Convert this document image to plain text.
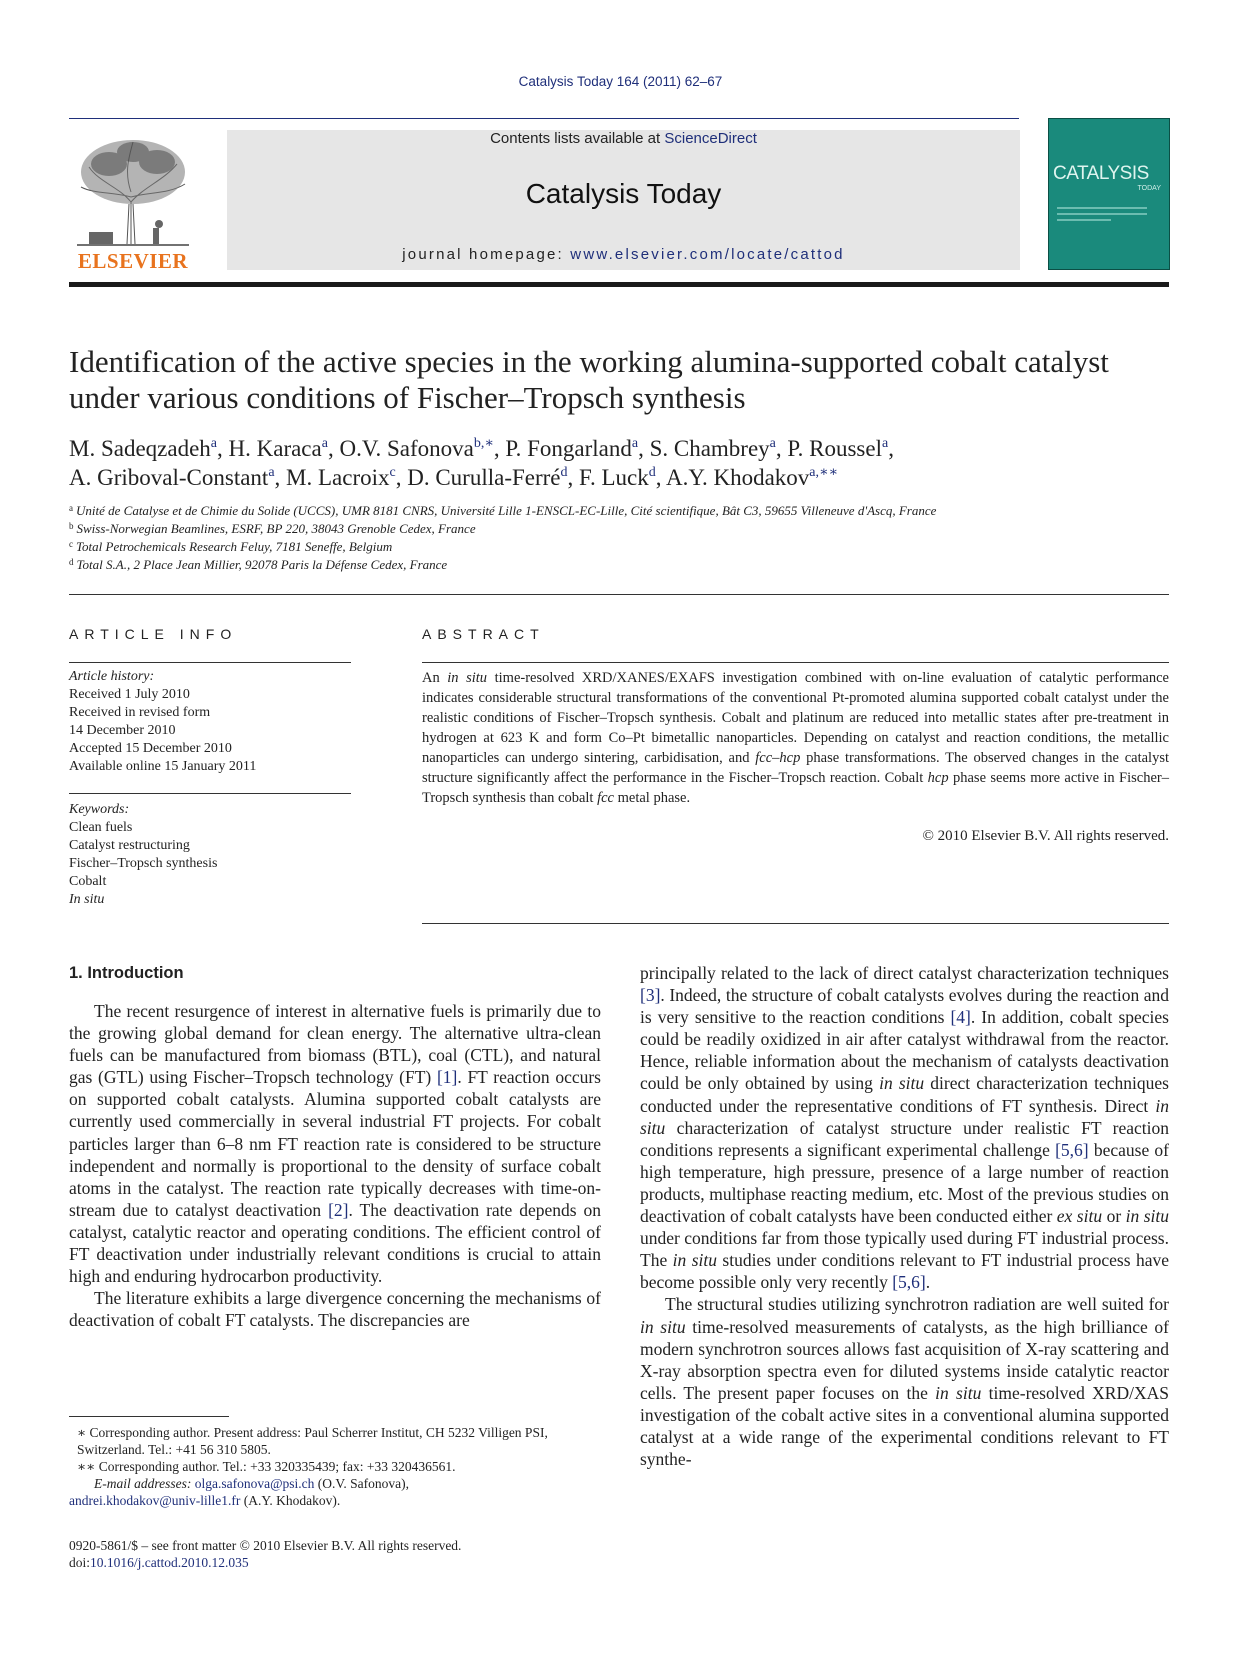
Catalysis Today 164 (2011) 62–67
ELSEVIER
Contents lists available at ScienceDirect
Catalysis Today
journal homepage: www.elsevier.com/locate/cattod
CATALYSIS
TODAY
Identification of the active species in the working alumina-supported cobalt catalyst under various conditions of Fischer–Tropsch synthesis
M. Sadeqzadeh$^a$, H. Karaca$^a$, O.V. Safonova$^{b,∗}$, P. Fongarland$^a$, S. Chambrey$^a$, P. Roussel$^a$,
A. Griboval-Constant$^a$, M. Lacroix$^c$, D. Curulla-Ferré$^d$, F. Luck$^d$, A.Y. Khodakov$^{a,∗∗}$
$^a$ Unité de Catalyse et de Chimie du Solide (UCCS), UMR 8181 CNRS, Université Lille 1-ENSCL-EC-Lille, Cité scientifique, Bât C3, 59655 Villeneuve d'Ascq, France
$^b$ Swiss-Norwegian Beamlines, ESRF, BP 220, 38043 Grenoble Cedex, France
$^c$ Total Petrochemicals Research Feluy, 7181 Seneffe, Belgium
$^d$ Total S.A., 2 Place Jean Millier, 92078 Paris la Défense Cedex, France
ARTICLE INFO
Article history:
Received 1 July 2010
Received in revised form
14 December 2010
Accepted 15 December 2010
Available online 15 January 2011
Keywords:
Clean fuels
Catalyst restructuring
Fischer–Tropsch synthesis
Cobalt
In situ
ABSTRACT
An in situ time-resolved XRD/XANES/EXAFS investigation combined with on-line evaluation of catalytic performance indicates considerable structural transformations of the conventional Pt-promoted alumina supported cobalt catalyst under the realistic conditions of Fischer–Tropsch synthesis. Cobalt and platinum are reduced into metallic states after pre-treatment in hydrogen at 623 K and form Co–Pt bimetallic nanoparticles. Depending on catalyst and reaction conditions, the metallic nanoparticles can undergo sintering, carbidisation, and fcc–hcp phase transformations. The observed changes in the catalyst structure significantly affect the performance in the Fischer–Tropsch reaction. Cobalt hcp phase seems more active in Fischer–Tropsch synthesis than cobalt fcc metal phase.
© 2010 Elsevier B.V. All rights reserved.
1. Introduction

The recent resurgence of interest in alternative fuels is primarily due to the growing global demand for clean energy. The alternative ultra-clean fuels can be manufactured from biomass (BTL), coal (CTL), and natural gas (GTL) using Fischer–Tropsch technology (FT) [1]. FT reaction occurs on supported cobalt catalysts. Alumina supported cobalt catalysts are currently used commercially in several industrial FT projects. For cobalt particles larger than 6–8 nm FT reaction rate is considered to be structure independent and normally is proportional to the density of surface cobalt atoms in the catalyst. The reaction rate typically decreases with time-on-stream due to catalyst deactivation [2]. The deactivation rate depends on catalyst, catalytic reactor and operating conditions. The efficient control of FT deactivation under industrially relevant conditions is crucial to attain high and enduring hydrocarbon productivity.

The literature exhibits a large divergence concerning the mechanisms of deactivation of cobalt FT catalysts. The discrepancies are

principally related to the lack of direct catalyst characterization techniques [3]. Indeed, the structure of cobalt catalysts evolves during the reaction and is very sensitive to the reaction conditions [4]. In addition, cobalt species could be readily oxidized in air after catalyst withdrawal from the reactor. Hence, reliable information about the mechanism of catalysts deactivation could be only obtained by using in situ direct characterization techniques conducted under the representative conditions of FT synthesis. Direct in situ characterization of catalyst structure under realistic FT reaction conditions represents a significant experimental challenge [5,6] because of high temperature, high pressure, presence of a large number of reaction products, multiphase reacting medium, etc. Most of the previous studies on deactivation of cobalt catalysts have been conducted either ex situ or in situ under conditions far from those typically used during FT industrial process. The in situ studies under conditions relevant to FT industrial process have become possible only very recently [5,6].

The structural studies utilizing synchrotron radiation are well suited for in situ time-resolved measurements of catalysts, as the high brilliance of modern synchrotron sources allows fast acquisition of X-ray scattering and X-ray absorption spectra even for diluted systems inside catalytic reactor cells. The present paper focuses on the in situ time-resolved XRD/XAS investigation of the cobalt active sites in a conventional alumina supported catalyst at a wide range of the experimental conditions relevant to FT synthe-

∗ Corresponding author. Present address: Paul Scherrer Institut, CH 5232 Villigen PSI, Switzerland. Tel.: +41 56 310 5805.
∗∗ Corresponding author. Tel.: +33 320335439; fax: +33 320436561.
E-mail addresses: olga.safonova@psi.ch (O.V. Safonova),
andrei.khodakov@univ-lille1.fr (A.Y. Khodakov).
0920-5861/$ – see front matter © 2010 Elsevier B.V. All rights reserved.
doi:10.1016/j.cattod.2010.12.035
